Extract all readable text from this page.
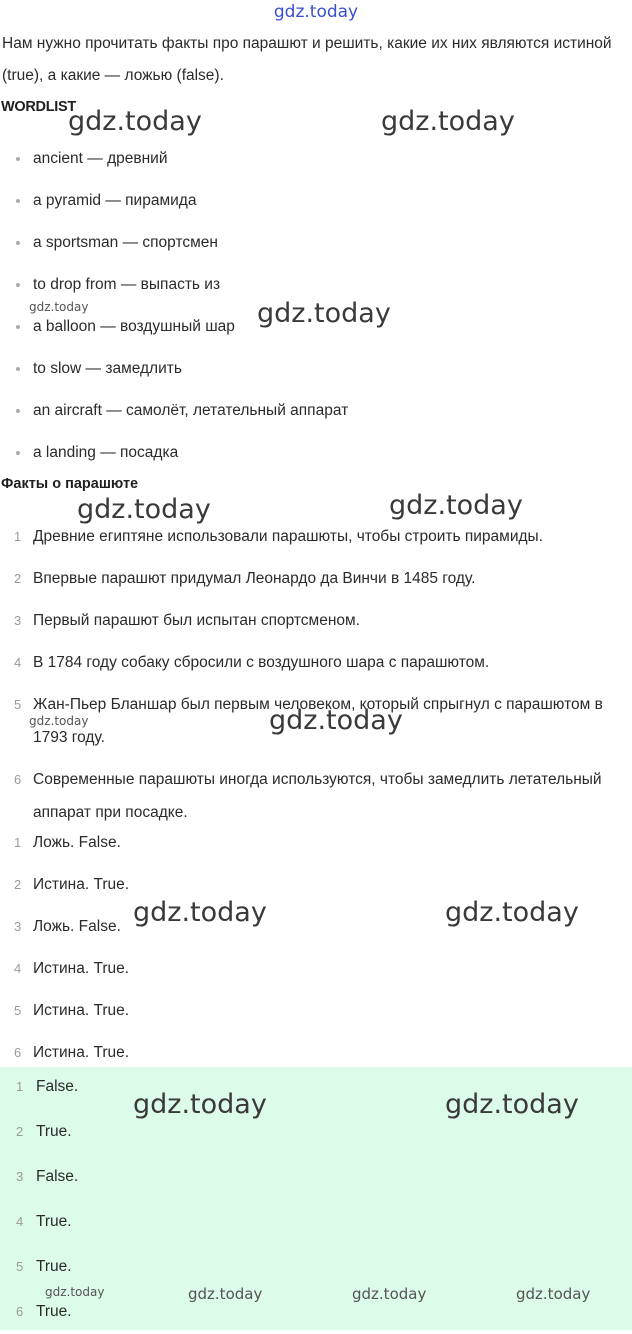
gdz.today
Нам нужно прочитать факты про парашют и решить, какие их них являются истиной (true), а какие — ложью (false).
WORDLIST
ancient — древний
a pyramid — пирамида
a sportsman — спортсмен
to drop from — выпасть из
a balloon — воздушный шар
to slow — замедлить
an aircraft — самолёт, летательный аппарат
a landing — посадка
Факты о парашюте
1 Древние египтяне использовали парашюты, чтобы строить пирамиды.
2 Впервые парашют придумал Леонардо да Винчи в 1485 году.
3 Первый парашют был испытан спортсменом.
4 В 1784 году собаку сбросили с воздушного шара с парашютом.
5 Жан-Пьер Бланшар был первым человеком, который спрыгнул с парашютом в 1793 году.
6 Современные парашюты иногда используются, чтобы замедлить летательный аппарат при посадке.
1 Ложь. False.
2 Истина. True.
3 Ложь. False.
4 Истина. True.
5 Истина. True.
6 Истина. True.
1 False.
2 True.
3 False.
4 True.
5 True.
6 True.
gdz.today	gdz.today
gdz.today	gdz.today
gdz.today	gdz.today
gdz.today	gdz.today
gdz.today	gdz.today
gdz.today	gdz.today
gdz.today	gdz.today	gdz.today	gdz.today
